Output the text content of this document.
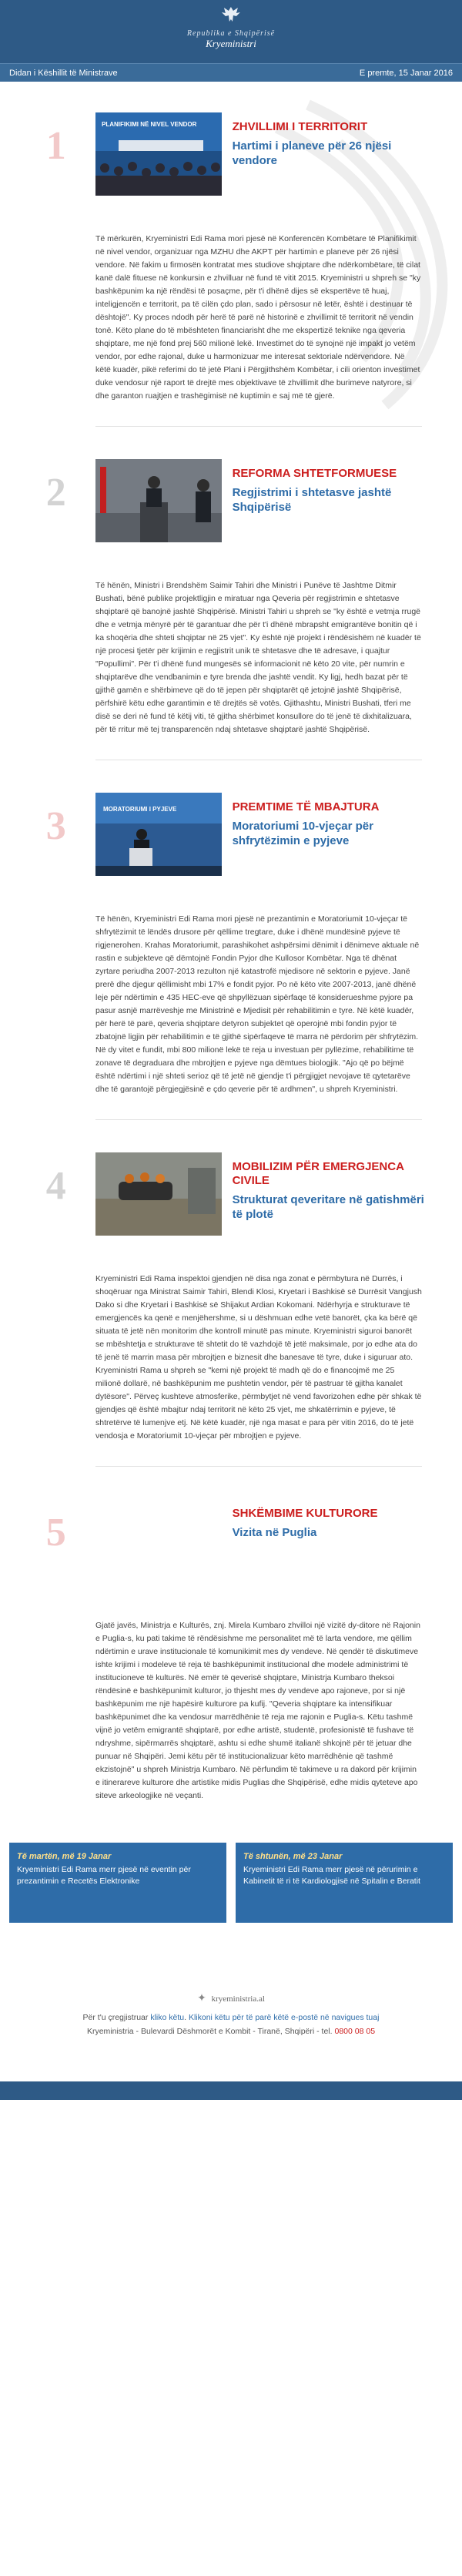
Republika e Shqipërisë
Kryeministri
Didan i Këshillit të Ministrave	E premte, 15 Janar 2016
1	PLANIFIKIMI NË NIVEL VENDOR	ZHVILLIMI I TERRITORIT
Hartimi i planeve për 26 njësi vendore
Të mërkurën, Kryeministri Edi Rama mori pjesë në Konferencën Kombëtare të Planifikimit në nivel vendor, organizuar nga MZHU dhe AKPT për hartimin e planeve për 26 njësi vendore. Në fakim u firmosën kontratat mes studiove shqiptare dhe ndërkombëtare, të cilat kanë dalë fituese në konkursin e zhvilluar në fund të vitit 2015. Kryeministri u shpreh se "ky bashkëpunim ka një rëndësi të posaçme, për t'i dhënë dijes së ekspertëve të huaj, inteligjencën e territorit, pa të cilën çdo plan, sado i përsosur në letër, është i destinuar të dështojë". Ky proces ndodh për herë të parë në historinë e zhvillimit të territorit në vendin tonë. Këto plane do të mbështeten financiarisht dhe me ekspertizë teknike nga qeveria shqiptare, me një fond prej 560 milionë lekë. Investimet do të synojnë një impakt jo vetëm vendor, por edhe rajonal, duke u harmonizuar me interesat sektoriale ndërvendore. Në këtë kuadër, pikë referimi do të jetë Plani i Përgjithshëm Kombëtar, i cili orienton investimet duke vendosur një raport të drejtë mes objektivave të zhvillimit dhe burimeve natyrore, si dhe garanton ruajtjen e trashëgimisë në kuptimin e saj më të gjerë.
2	REFORMA SHTETFORMUESE
Regjistrimi i shtetasve jashtë Shqipërisë
Të hënën, Ministri i Brendshëm Saimir Tahiri dhe Ministri i Punëve të Jashtme Ditmir Bushati, bënë publike projektligjin e miratuar nga Qeveria për regjistrimin e shtetasve shqiptarë që banojnë jashtë Shqipërisë. Ministri Tahiri u shpreh se "ky është e vetmja rrugë dhe e vetmja mënyrë për të garantuar dhe për t'i dhënë mbrapsht emigrantëve bonitin që i ka shoqëria dhe shteti shqiptar në 25 vjet". Ky është një projekt i rëndësishëm në kuadër të një procesi tjetër për krijimin e regjistrit unik të shtetasve dhe të adresave, i quajtur "Popullimi". Për t'i dhënë fund mungesës së informacionit në këto 20 vite, për numrin e shqiptarëve dhe vendbanimin e tyre brenda dhe jashtë vendit. Ky ligj, hedh bazat për të gjithë gamën e shërbimeve që do të jepen për shqiptarët që jetojnë jashtë Shqipërisë, përfshirë këtu edhe garantimin e të drejtës së votës. Gjithashtu, Ministri Bushati, tferi me disë se deri në fund të këtij viti, të gjitha shërbimet konsullore do të jenë të dixhitalizuara, për të rritur më tej transparencën ndaj shtetasve shqiptarë jashtë Shqipërisë.
3	MORATORIUMI I PYJEVE	PREMTIME TË MBAJTURA
Moratoriumi 10-vjeçar për shfrytëzimin e pyjeve
Të hënën, Kryeministri Edi Rama mori pjesë në prezantimin e Moratoriumit 10-vjeçar të shfrytëzimit të lëndës drusore për qëllime tregtare, duke i dhënë mundësinë pyjeve të rigjenerohen. Krahas Moratoriumit, parashikohet ashpërsimi dënimit i dënimeve aktuale në rastin e subjekteve që dëmtojnë Fondin Pyjor dhe Kullosor Kombëtar. Nga të dhënat zyrtare periudha 2007-2013 rezulton një katastrofë mjedisore në sektorin e pyjeve. Janë prerë dhe djegur qëllimisht mbi 17% e fondit pyjor. Po në këto vite 2007-2013, janë dhënë leje për ndërtimin e 435 HEC-eve që shpyllëzuan sipërfaqe të konsiderueshme pyjore pa pasur asnjë marrëveshje me Ministrinë e Mjedisit për rehabilitimin e tyre. Në këtë kuadër, për herë të parë, qeveria shqiptare detyron subjektet që operojnë mbi fondin pyjor të zbatojnë ligjin për rehabilitimin e të gjithë sipërfaqeve të marra në përdorim për shfrytëzim. Në dy vitet e fundit, mbi 800 milionë lekë të reja u investuan për pyllëzime, rehabilitime të zonave të degraduara dhe mbrojtjen e pyjeve nga dëmtues biologjik. "Ajo që po bëjmë është ndërtimi i një shteti serioz që të jetë në gjendje t'i përgjigjet nevojave të qytetarëve dhe të garantojë përgjegjësinë e çdo qeverie për të ardhmen", u shpreh Kryeministri.
4	MOBILIZIM PËR EMERGJENCA CIVILE
Strukturat qeveritare në gatishmëri të plotë
Kryeministri Edi Rama inspektoi gjendjen në disa nga zonat e përmbytura në Durrës, i shoqëruar nga Ministrat Saimir Tahiri, Blendi Klosi, Kryetari i Bashkisë së Durrësit Vangjush Dako si dhe Kryetari i Bashkisë së Shijakut Ardian Kokomani. Ndërhyrja e strukturave të emergjencës ka qenë e menjëhershme, si u dëshmuan edhe vetë banorët, çka ka bërë që situata të jetë nën monitorim dhe kontroll minutë pas minute. Kryeministri siguroi banorët se mbështetja e strukturave të shtetit do të vazhdojë të jetë maksimale, por jo edhe ata do të jenë të marrin masa për mbrojtjen e biznesit dhe banesave të tyre, duke i siguruar ato. Kryeministri Rama u shpreh se "kemi një projekt të madh që do e financojmë me 25 milionë dollarë, në bashkëpunim me pushtetin vendor, për të pastruar të gjitha kanalet dytësore". Përveç kushteve atmosferike, përmbytjet në vend favorizohen edhe për shkak të gjendjes që është mbajtur ndaj territorit në këto 25 vjet, me shkatërrimin e pyjeve, të shtretërve të lumenjve etj. Në këtë kuadër, një nga masat e para për vitin 2016, do të jetë vendosja e Moratoriumit 10-vjeçar për mbrojtjen e pyjeve.
5	SHKËMBIME KULTURORE
Vizita në Puglia
Gjatë javës, Ministrja e Kulturës, znj. Mirela Kumbaro zhvilloi një vizitë dy-ditore në Rajonin e Puglia-s, ku pati takime të rëndësishme me personalitet më të larta vendore, me qëllim ndërtimin e urave institucionale të komunikimit mes dy vendeve. Në qendër të diskutimeve ishte krijimi i modeleve të reja të bashkëpunimit institucional dhe modele administrimi të institucioneve të kulturës. Në emër të qeverisë shqiptare, Ministrja Kumbaro theksoi rëndësinë e bashkëpunimit kulturor, jo thjesht mes dy vendeve apo rajoneve, por si një bashkëpunim me një hapësirë kulturore pa kufij. "Qeveria shqiptare ka intensifikuar bashkëpunimet dhe ka vendosur marrëdhënie të reja me rajonin e Puglia-s. Këtu tashmë vijnë jo vetëm emigrantë shqiptarë, por edhe artistë, studentë, profesionistë të fushave të ndryshme, sipërmarrës shqiptarë, ashtu si edhe shumë italianë shkojnë për të jetuar dhe punuar në Shqipëri. Jemi këtu për të institucionalizuar këto marrëdhënie që tashmë ekzistojnë" u shpreh Ministrja Kumbaro. Në përfundim të takimeve u ra dakord për krijimin e itinerareve kulturore dhe artistike midis Puglias dhe Shqipërisë, edhe midis qyteteve apo siteve arkeologjike në veçanti.
Të martën, më 19 Janar
Kryeministri Edi Rama merr pjesë në eventin për prezantimin e Recetës Elektronike
Të shtunën, më 23 Janar
Kryeministri Edi Rama merr pjesë në përurimin e Kabinetit të ri të Kardiologjisë në Spitalin e Beratit
✦ kryeministria.al
Për t'u çregjistruar kliko këtu. Klikoni këtu për të parë këtë e-postë në navigues tuaj
Kryeministria - Bulevardi Dëshmorët e Kombit - Tiranë, Shqipëri - tel. 0800 08 05
